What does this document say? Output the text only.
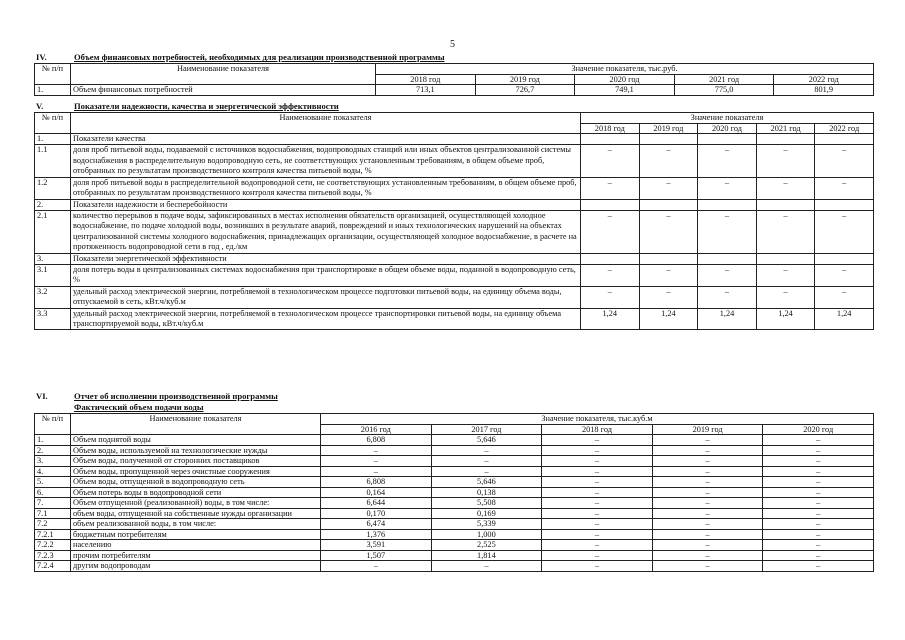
5
IV.	Объем финансовых потребностей, необходимых для реализации производственной программы
№ п/п	Наименование показателя	Значение показателя, тыс.руб.				
		2018 год	2019 год	2020 год	2021 год	2022 год
1.	Объем финансовых потребностей	713,1	726,7	749,1	775,0	801,9
V.	Показатели надежности, качества и энергетической эффективности
№ п/п	Наименование показателя	Значение показателя				
		2018 год	2019 год	2020 год	2021 год	2022 год
1.	Показатели качества					
1.1	доля проб питьевой воды, подаваемой с источников водоснабжения, водопроводных станций или иных объектов централизованной системы водоснабжения в распределительную водопроводную сеть, не соответствующих установленным требованиям, в общем объеме проб, отобранных по результатам производственного контроля качества питьевой воды, %	–	–	–	–	–
1.2	доля проб питьевой воды в распределительной водопроводной сети, не соответствующих установленным требованиям, в общем объеме проб, отобранных по результатам производственного контроля качества питьевой воды, %	–	–	–	–	–
2.	Показатели надежности и бесперебойности					
2.1	количество перерывов в подаче воды, зафиксированных в местах исполнения обязательств организацией, осуществляющей холодное водоснабжение, по подаче холодной воды, возникших в результате аварий, повреждений и иных технологических нарушений на объектах централизованной системы холодного водоснабжения, принадлежащих организации, осуществляющей холодное водоснабжение, в расчете на протяженность водопроводной сети в год , ед./км	–	–	–	–	–
3.	Показатели энергетической эффективности					
3.1	доля потерь воды в централизованных системах водоснабжения при транспортировке в общем объеме воды, поданной в водопроводную сеть, %	–	–	–	–	–
3.2	удельный расход электрической энергии, потребляемой в технологическом процессе подготовки питьевой воды, на единицу объема воды, отпускаемой в сеть, кВт.ч/куб.м	–	–	–	–	–
3.3	удельный расход электрической энергии, потребляемой в технологическом процессе транспортировки питьевой воды, на единицу объема транспортируемой воды, кВт.ч/куб.м	1,24	1,24	1,24	1,24	1,24
VI.	Отчет об исполнении производственной программы
Фактический объем подачи воды
№ п/п	Наименование показателя	Значение показателя, тыс.куб.м				
		2016 год	2017 год	2018 год	2019 год	2020 год
1.	Объем поднятой воды	6,808	5,646	–	–	–
2.	Объем воды, используемой на технологические нужды	–	–	–	–	–
3.	Объем воды, полученной от сторонних поставщиков	–	–	–	–	–
4.	Объем воды, пропущенной через очистные сооружения	–	–	–	–	–
5.	Объем воды, отпущенной в водопроводную сеть	6,808	5,646	–	–	–
6.	Объем потерь воды в водопроводной сети	0,164	0,138	–	–	–
7.	Объем отпущенной (реализованной) воды, в том числе:	6,644	5,508	–	–	–
7.1	объем воды, отпущенной на собственные нужды организации	0,170	0,169	–	–	–
7.2	объем реализованной воды, в том числе:	6,474	5,339	–	–	–
7.2.1	бюджетным потребителям	1,376	1,000	–	–	–
7.2.2	населению	3,591	2,525	–	–	–
7.2.3	прочим потребителям	1,507	1,814	–	–	–
7.2.4	другим водопроводам	–	–	–	–	–
